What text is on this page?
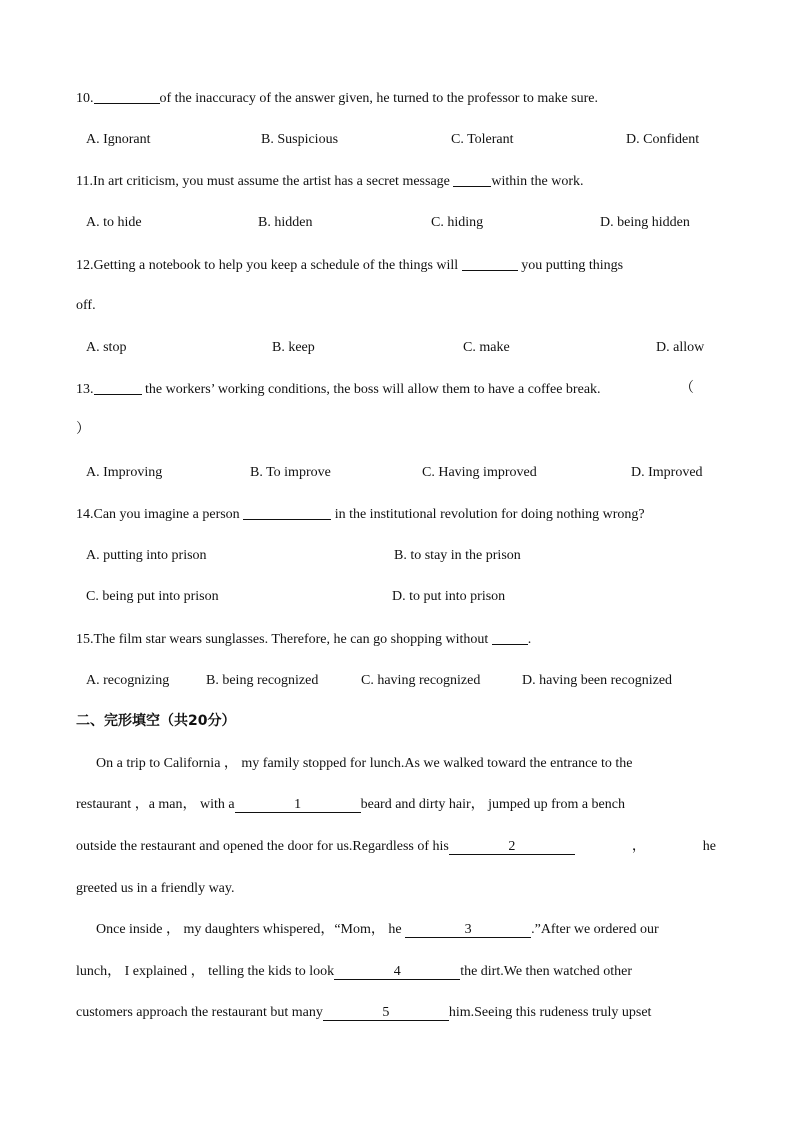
10.	of the inaccuracy of the answer given, he turned to the professor to make sure.
A. Ignorant	B. Suspicious	C. Tolerant	D. Confident
11.In art criticism, you must assume the artist has a secret message	within the work.
A. to hide	B. hidden	C. hiding	D. being hidden
12.Getting a notebook to help you keep a schedule of the things will	you putting things
off.
A. stop	B. keep	C. make	D. allow
13.	the workers’ working conditions, the boss will allow them to have a coffee break.	（
）
A. Improving	B. To improve	C. Having improved	D. Improved
14.Can you imagine a person	in the institutional revolution for doing nothing wrong?
A. putting into prison	B. to stay in the prison
C. being put into prison	D. to put into prison
15.The film star wears sunglasses. Therefore, he can go shopping without	.
A. recognizing	B. being recognized	C. having recognized	D. having been recognized
二、完形填空（共20分）
On a trip to California ， my family stopped for lunch.As we walked toward the entrance to the
restaurant ，a man， with a	1	beard and dirty hair， jumped up from a bench
outside the restaurant and opened the door for us.Regardless of his	2	，	he
greeted us in a friendly way.
Once inside ， my daughters whispered，“Mom， he	3	.”After we ordered our
lunch， I explained ， telling the kids to look	4	the dirt.We then watched other
customers approach the restaurant but many	5	him.Seeing this rudeness truly upset
